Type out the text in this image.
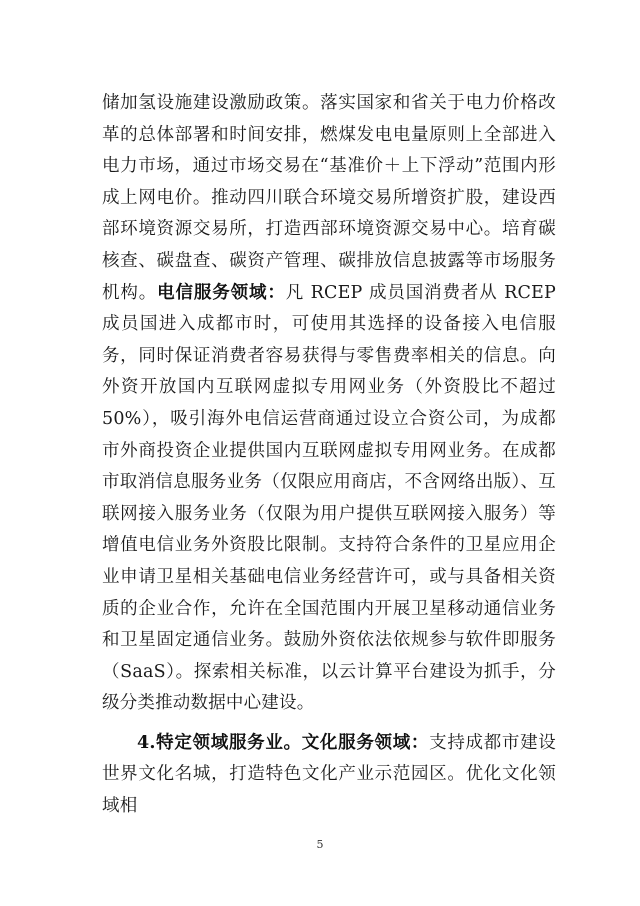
储加氢设施建设激励政策。落实国家和省关于电力价格改革的总体部署和时间安排，燃煤发电电量原则上全部进入电力市场，通过市场交易在“基准价＋上下浮动”范围内形成上网电价。推动四川联合环境交易所增资扩股，建设西部环境资源交易所，打造西部环境资源交易中心。培育碳核查、碳盘查、碳资产管理、碳排放信息披露等市场服务机构。电信服务领域：凡 RCEP 成员国消费者从 RCEP 成员国进入成都市时，可使用其选择的设备接入电信服务，同时保证消费者容易获得与零售费率相关的信息。向外资开放国内互联网虚拟专用网业务（外资股比不超过 50%），吸引海外电信运营商通过设立合资公司，为成都市外商投资企业提供国内互联网虚拟专用网业务。在成都市取消信息服务业务（仅限应用商店，不含网络出版）、互联网接入服务业务（仅限为用户提供互联网接入服务）等增值电信业务外资股比限制。支持符合条件的卫星应用企业申请卫星相关基础电信业务经营许可，或与具备相关资质的企业合作，允许在全国范围内开展卫星移动通信业务和卫星固定通信业务。鼓励外资依法依规参与软件即服务（SaaS）。探索相关标准，以云计算平台建设为抓手，分级分类推动数据中心建设。

4.特定领域服务业。文化服务领域：支持成都市建设世界文化名城，打造特色文化产业示范园区。优化文化领域相

5
